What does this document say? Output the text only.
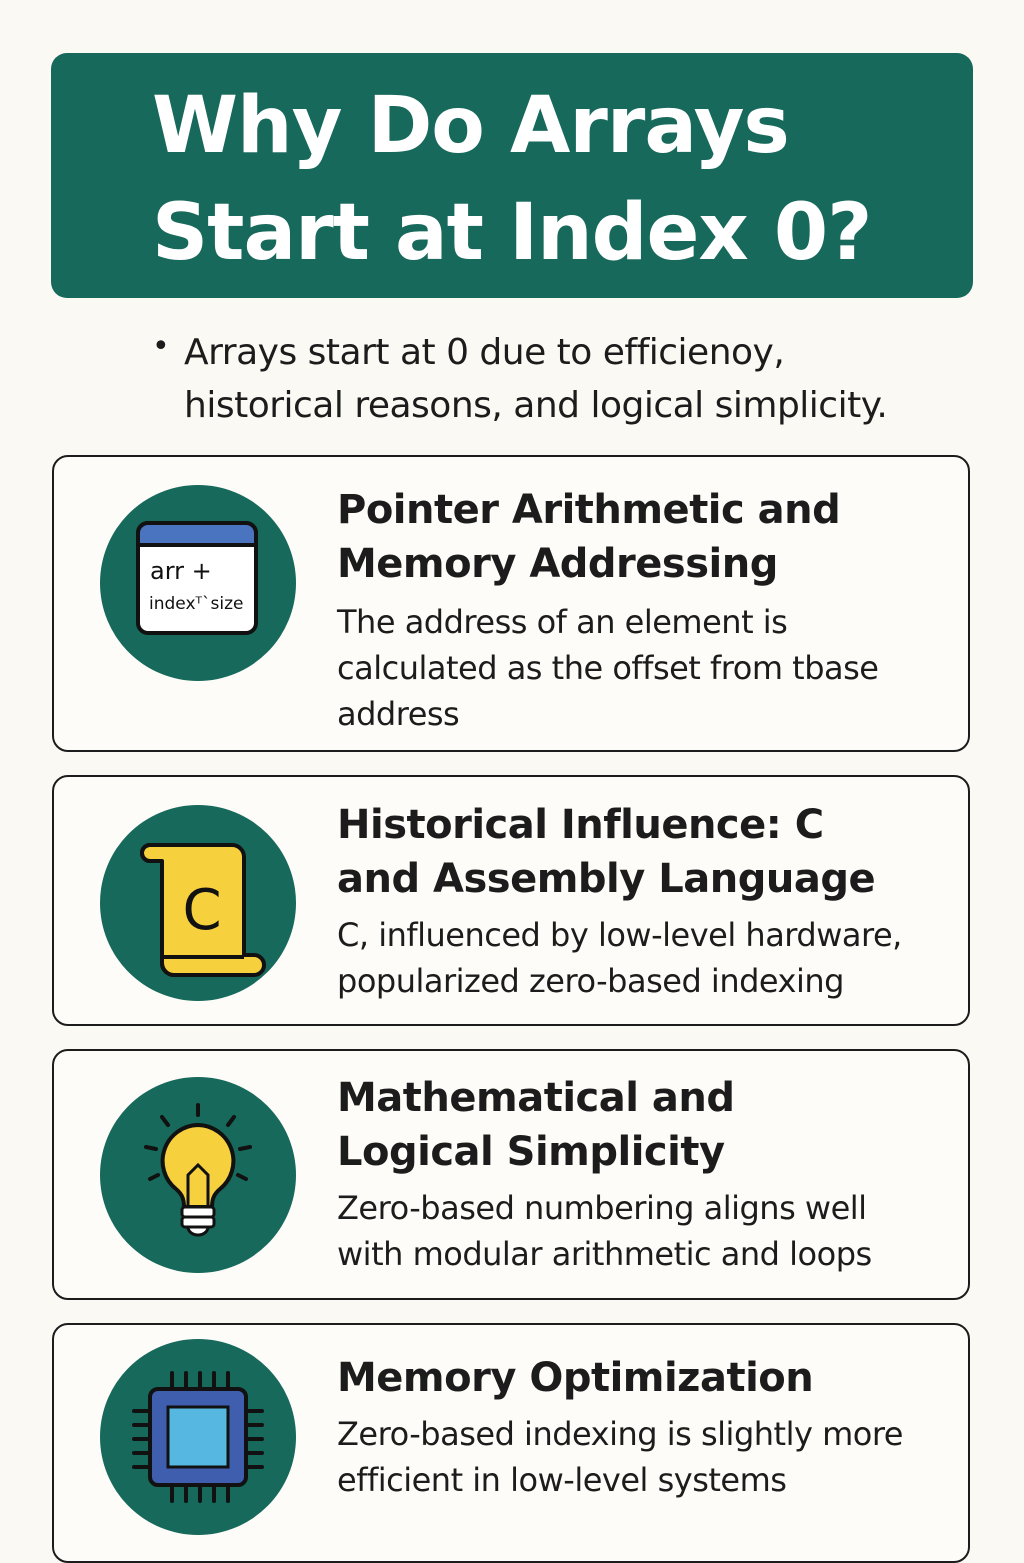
Why Do Arrays
Start at Index 0?
• Arrays start at 0 due to efficienoy,
historical reasons, and logical simplicity.
arr +
indexᵀˋsize
Pointer Arithmetic and
Memory Addressing
The address of an element is
calculated as the offset from tbase
address
C
Historical Influence: C
and Assembly Language
C, influenced by low-level hardware,
popularized zero-based indexing
Mathematical and
Logical Simplicity
Zero-based numbering aligns well
with modular arithmetic and loops
Memory Optimization
Zero-based indexing is slightly more
efficient in low-level systems
